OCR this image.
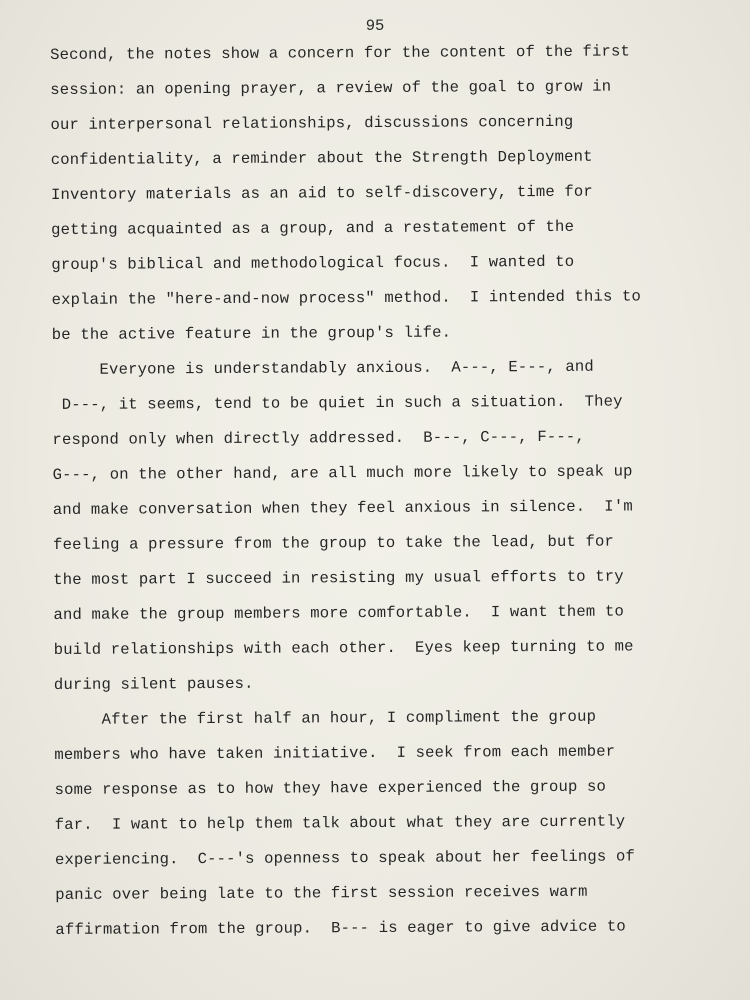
95
Second, the notes show a concern for the content of the first
session: an opening prayer, a review of the goal to grow in
our interpersonal relationships, discussions concerning
confidentiality, a reminder about the Strength Deployment
Inventory materials as an aid to self-discovery, time for
getting acquainted as a group, and a restatement of the
group's biblical and methodological focus.  I wanted to
explain the "here-and-now process" method.  I intended this to
be the active feature in the group's life.
Everyone is understandably anxious.  A---, E---, and
D---, it seems, tend to be quiet in such a situation.  They
respond only when directly addressed.  B---, C---, F---,
G---, on the other hand, are all much more likely to speak up
and make conversation when they feel anxious in silence.  I'm
feeling a pressure from the group to take the lead, but for
the most part I succeed in resisting my usual efforts to try
and make the group members more comfortable.  I want them to
build relationships with each other.  Eyes keep turning to me
during silent pauses.
After the first half an hour, I compliment the group
members who have taken initiative.  I seek from each member
some response as to how they have experienced the group so
far.  I want to help them talk about what they are currently
experiencing.  C---'s openness to speak about her feelings of
panic over being late to the first session receives warm
affirmation from the group.  B--- is eager to give advice to
